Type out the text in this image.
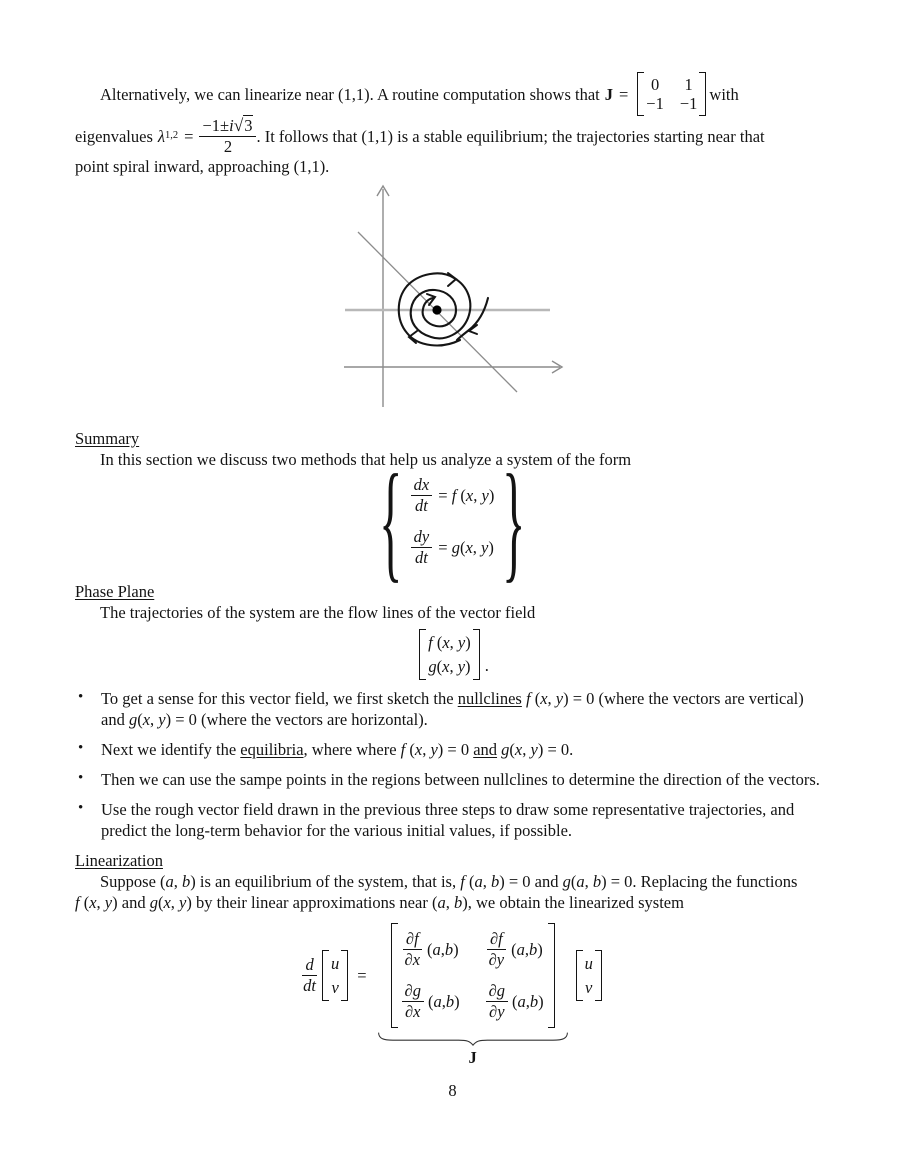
Alternatively, we can linearize near (1,1). A routine computation shows that J = 0 1
−1 −1 with
eigenvalues λ $1,2 = \frac{-1\pm i√3}{2}$ . It follows that (1,1) is a stable equilibrium; the trajectories starting near that
point spiral inward, approaching (1,1).
Summary
In this section we discuss two methods that help us analyze a system of the form
{ $\frac{dx}{dt} = f$ (x, y)
$\frac{dy}{dt} = g(x$, y) }
Phase Plane
The trajectories of the system are the flow lines of the vector field
f (x, y)
g(x, y) .
• To get a sense for this vector field, we first sketch the nullclines f (x, y) = 0 (where the vectors are vertical) and g(x, y) = 0 (where the vectors are horizontal).
• Next we identify the equilibria, where where f (x, y) = 0 and g(x, y) = 0.
• Then we can use the sampe points in the regions between nullclines to determine the direction of the vectors.
• Use the rough vector field drawn in the previous three steps to draw some representative trajectories, and predict the long-term behavior for the various initial values, if possible.
Linearization

Suppose (a, b) is an equilibrium of the system, that is, f (a, b) = 0 and g(a, b) = 0. Replacing the functions f (x, y) and g(x, y) by their linear approximations near (a, b), we obtain the linearized system

$\frac{d}{dt}$ u
v
=
$\frac{\partial f}{\partial x} (a,b) \frac{\partial f}{\partial y} (a,b)$
$\frac{\partial g}{\partial x} (a,b) \frac{\partial g}{\partial y} (a,b)$
J
u
v
8
